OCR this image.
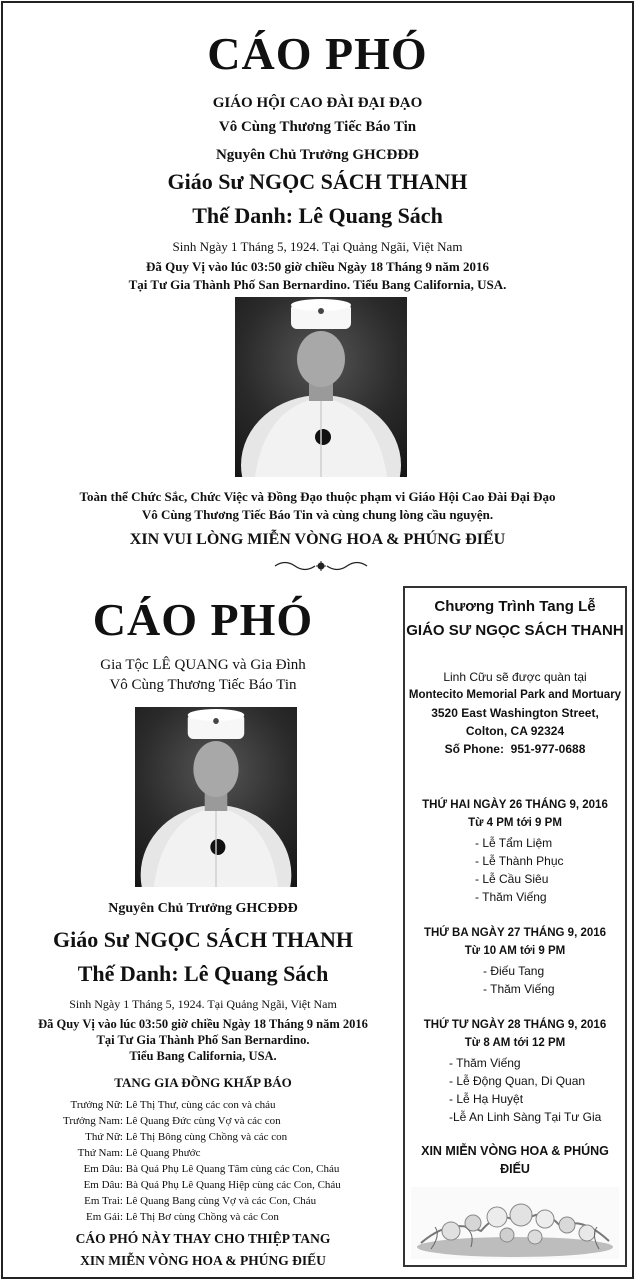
CÁO PHÓ
GIÁO HỘI CAO ĐÀI ĐẠI ĐẠO
Vô Cùng Thương Tiếc Báo Tin
Nguyên Chủ Trưởng GHCĐĐĐ
Giáo Sư NGỌC SÁCH THANH
Thế Danh: Lê Quang Sách
Sinh Ngày 1 Tháng 5, 1924. Tại Quảng Ngãi, Việt Nam
Đã Quy Vị vào lúc 03:50 giờ chiều Ngày 18 Tháng 9 năm 2016
Tại Tư Gia Thành Phố San Bernardino. Tiểu Bang California, USA.
Toàn thể Chức Sắc, Chức Việc và Đồng Đạo thuộc phạm vi Giáo Hội Cao Đài Đại Đạo
Vô Cùng Thương Tiếc Báo Tin và cùng chung lòng cầu nguyện.
XIN VUI LÒNG MIỄN VÒNG HOA & PHÚNG ĐIẾU
CÁO PHÓ
Gia Tộc LÊ QUANG và Gia Đình
Vô Cùng Thương Tiếc Báo Tin
Nguyên Chủ Trưởng GHCĐĐĐ
Giáo Sư NGỌC SÁCH THANH
Thế Danh: Lê Quang Sách
Sinh Ngày 1 Tháng 5, 1924. Tại Quảng Ngãi, Việt Nam
Đã Quy Vị vào lúc 03:50 giờ chiều Ngày 18 Tháng 9 năm 2016
Tại Tư Gia Thành Phố San Bernardino.
Tiểu Bang California, USA.
TANG GIA ĐỒNG KHẤP BÁO
Trưởng Nữ: Lê Thị Thư, cùng các con và cháu
Trưởng Nam: Lê Quang Đức cùng Vợ và các con
Thứ Nữ: Lê Thị Bông cùng Chồng và các con
Thứ Nam: Lê Quang Phước
Em Dâu: Bà Quả Phụ Lê Quang Tâm cùng các Con, Cháu
Em Dâu: Bà Quả Phụ Lê Quang Hiệp cùng các Con, Cháu
Em Trai: Lê Quang Bang cùng Vợ và các Con, Cháu
Em Gái: Lê Thị Bơ cùng Chồng và các Con
CÁO PHÓ NÀY THAY CHO THIỆP TANG
XIN MIỄN VÒNG HOA & PHÚNG ĐIẾU
Chương Trình Tang Lễ
GIÁO SƯ NGỌC SÁCH THANH
Linh Cữu sẽ được quàn tại
Montecito Memorial Park and Mortuary
3520 East Washington Street,
Colton, CA 92324
Số Phone: 951-977-0688
THỨ HAI NGÀY 26 THÁNG 9, 2016
Từ 4 PM tới 9 PM
- Lễ Tẩm Liệm
- Lễ Thành Phục
- Lễ Cầu Siêu
- Thăm Viếng
THỨ BA NGÀY 27 THÁNG 9, 2016
Từ 10 AM tới 9 PM
- Điếu Tang
- Thăm Viếng
THỨ TƯ NGÀY 28 THÁNG 9, 2016
Từ 8 AM tới 12 PM
- Thăm Viếng
- Lễ Động Quan, Di Quan
- Lễ Hạ Huyệt
-Lễ An Linh Sàng Tại Tư Gia
XIN MIỄN VÒNG HOA & PHÚNG ĐIẾU
